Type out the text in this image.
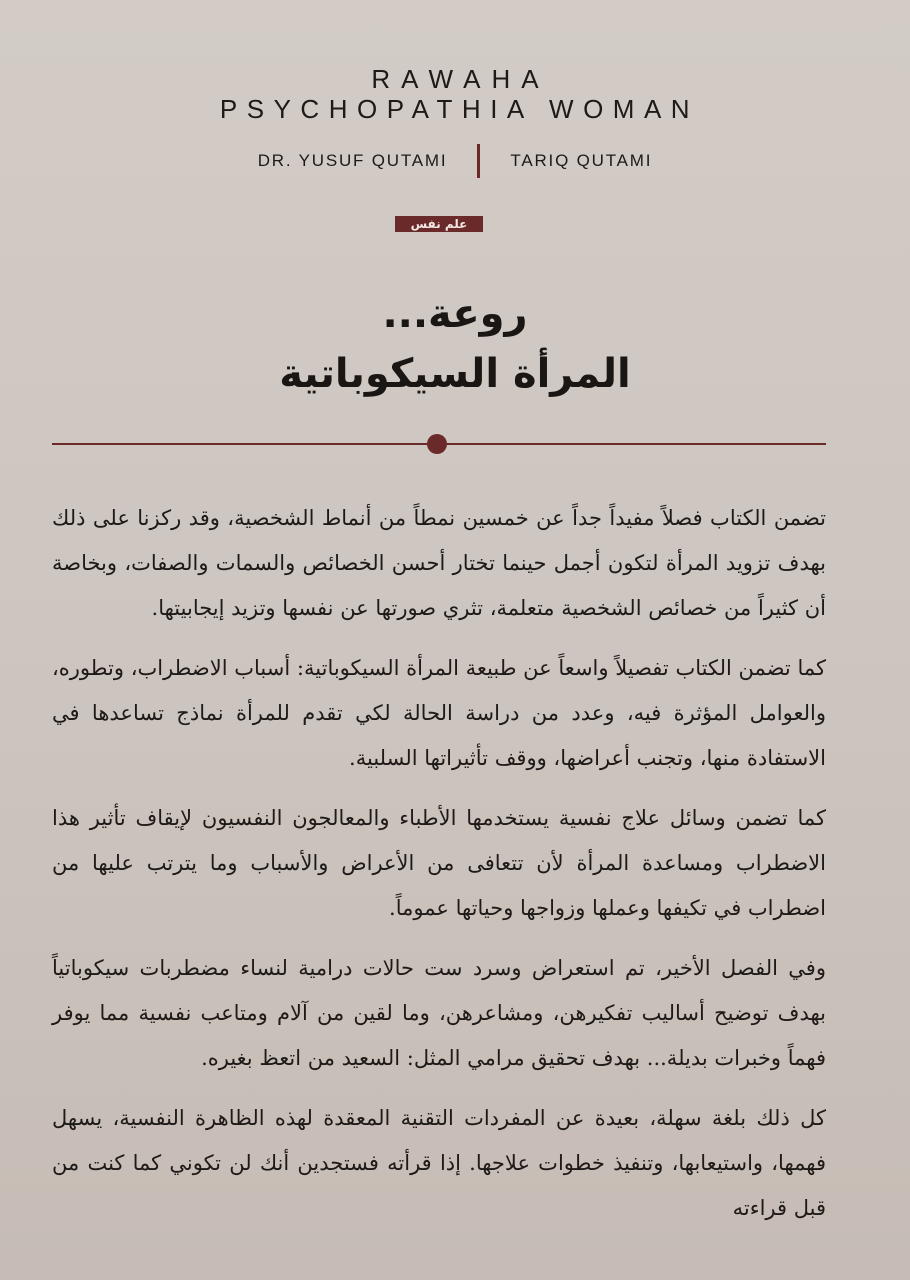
RAWAHA
PSYCHOPATHIA WOMAN
DR. YUSUF QUTAMI	TARIQ QUTAMI
علم نفس
روعة...
المرأة السيكوباتية

تضمن الكتاب فصلاً مفيداً جداً عن خمسين نمطاً من أنماط الشخصية، وقد ركزنا على ذلك بهدف تزويد المرأة لتكون أجمل حينما تختار أحسن الخصائص والسمات والصفات، وبخاصة أن كثيراً من خصائص الشخصية متعلمة، تثري صورتها عن نفسها وتزيد إيجابيتها.

كما تضمن الكتاب تفصيلاً واسعاً عن طبيعة المرأة السيكوباتية: أسباب الاضطراب، وتطوره، والعوامل المؤثرة فيه، وعدد من دراسة الحالة لكي تقدم للمرأة نماذج تساعدها في الاستفادة منها، وتجنب أعراضها، ووقف تأثيراتها السلبية.

كما تضمن وسائل علاج نفسية يستخدمها الأطباء والمعالجون النفسيون لإيقاف تأثير هذا الاضطراب ومساعدة المرأة لأن تتعافى من الأعراض والأسباب وما يترتب عليها من اضطراب في تكيفها وعملها وزواجها وحياتها عموماً.

وفي الفصل الأخير، تم استعراض وسرد ست حالات درامية لنساء مضطربات سيكوباتياً بهدف توضيح أساليب تفكيرهن، ومشاعرهن، وما لقين من آلام ومتاعب نفسية مما يوفر فهماً وخبرات بديلة... بهدف تحقيق مرامي المثل: السعيد من اتعظ بغيره.

كل ذلك بلغة سهلة، بعيدة عن المفردات التقنية المعقدة لهذه الظاهرة النفسية، يسهل فهمها، واستيعابها، وتنفيذ خطوات علاجها. إذا قرأته فستجدين أنك لن تكوني كما كنت من قبل قراءته
